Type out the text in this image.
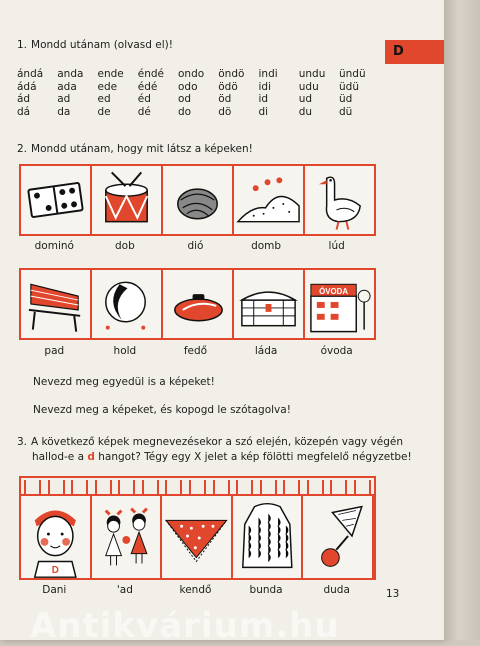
D
1. Mondd utánam (olvasd el)!
ándá	anda	ende	éndé	ondo	öndö	indi	undu	ündü
ádá	ada	ede	édé	odo	ödö	idi	udu	üdü
ád	ad	ed	éd	od	öd	id	ud	üd
dá	da	de	dé	do	dö	di	du	dü
2. Mondd utánam, hogy mit látsz a képeken!
dominó	dob	dió	domb	lúd
ÓVODA
pad	hold	fedő	láda	óvoda
Nevezd meg egyedül is a képeket!
Nevezd meg a képeket, és kopogd le szótagolva!
3. A következő képek megnevezésekor a szó elején, közepén vagy végén
hallod-e a d hangot? Tégy egy X jelet a kép fölötti megfelelő négyzetbe!
D
Dani	'ad	kendő	bunda	duda	13
Antikvárium.hu
